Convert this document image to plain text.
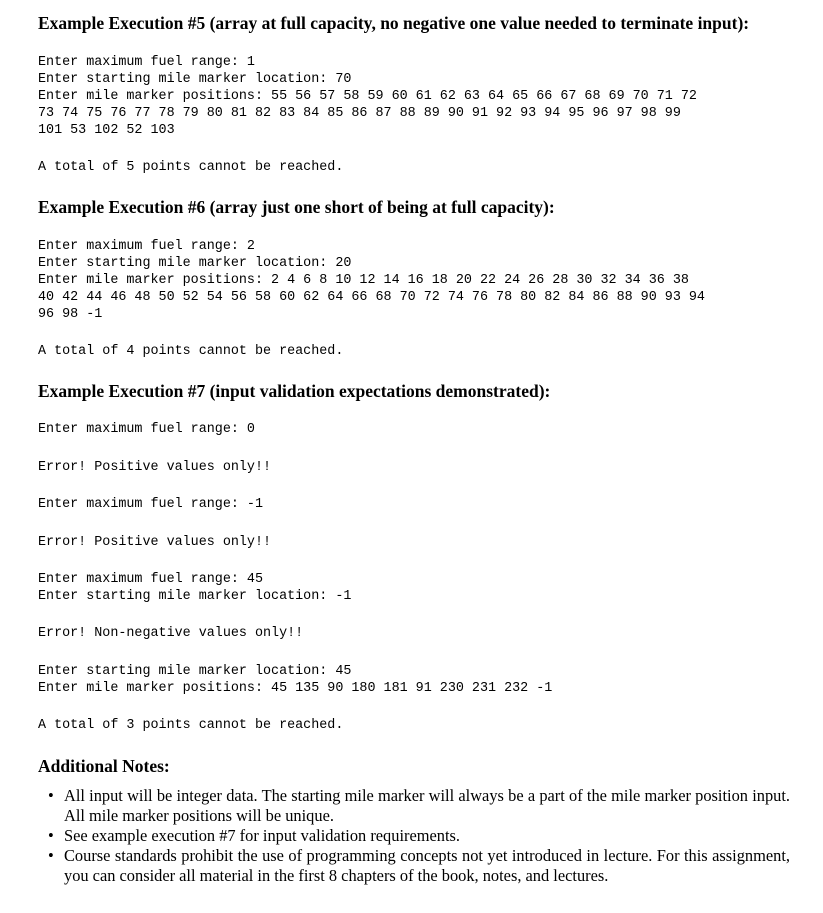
Example Execution #5 (array at full capacity, no negative one value needed to terminate input):

Enter maximum fuel range: 1

Enter starting mile marker location: 70

Enter mile marker positions: 55 56 57 58 59 60 61 62 63 64 65 66 67 68 69 70 71 72

73 74 75 76 77 78 79 80 81 82 83 84 85 86 87 88 89 90 91 92 93 94 95 96 97 98 99

101 53 102 52 103

A total of 5 points cannot be reached.

Example Execution #6 (array just one short of being at full capacity):

Enter maximum fuel range: 2

Enter starting mile marker location: 20

Enter mile marker positions: 2 4 6 8 10 12 14 16 18 20 22 24 26 28 30 32 34 36 38

40 42 44 46 48 50 52 54 56 58 60 62 64 66 68 70 72 74 76 78 80 82 84 86 88 90 93 94

96 98 -1

A total of 4 points cannot be reached.

Example Execution #7 (input validation expectations demonstrated):

Enter maximum fuel range: 0

Error! Positive values only!!

Enter maximum fuel range: -1

Error! Positive values only!!

Enter maximum fuel range: 45

Enter starting mile marker location: -1

Error! Non-negative values only!!

Enter starting mile marker location: 45

Enter mile marker positions: 45 135 90 180 181 91 230 231 232 -1

A total of 3 points cannot be reached.

Additional Notes:
• All input will be integer data. The starting mile marker will always be a part of the mile marker position input. All mile marker positions will be unique.
• See example execution #7 for input validation requirements.
• Course standards prohibit the use of programming concepts not yet introduced in lecture. For this assignment, you can consider all material in the first 8 chapters of the book, notes, and lectures.
